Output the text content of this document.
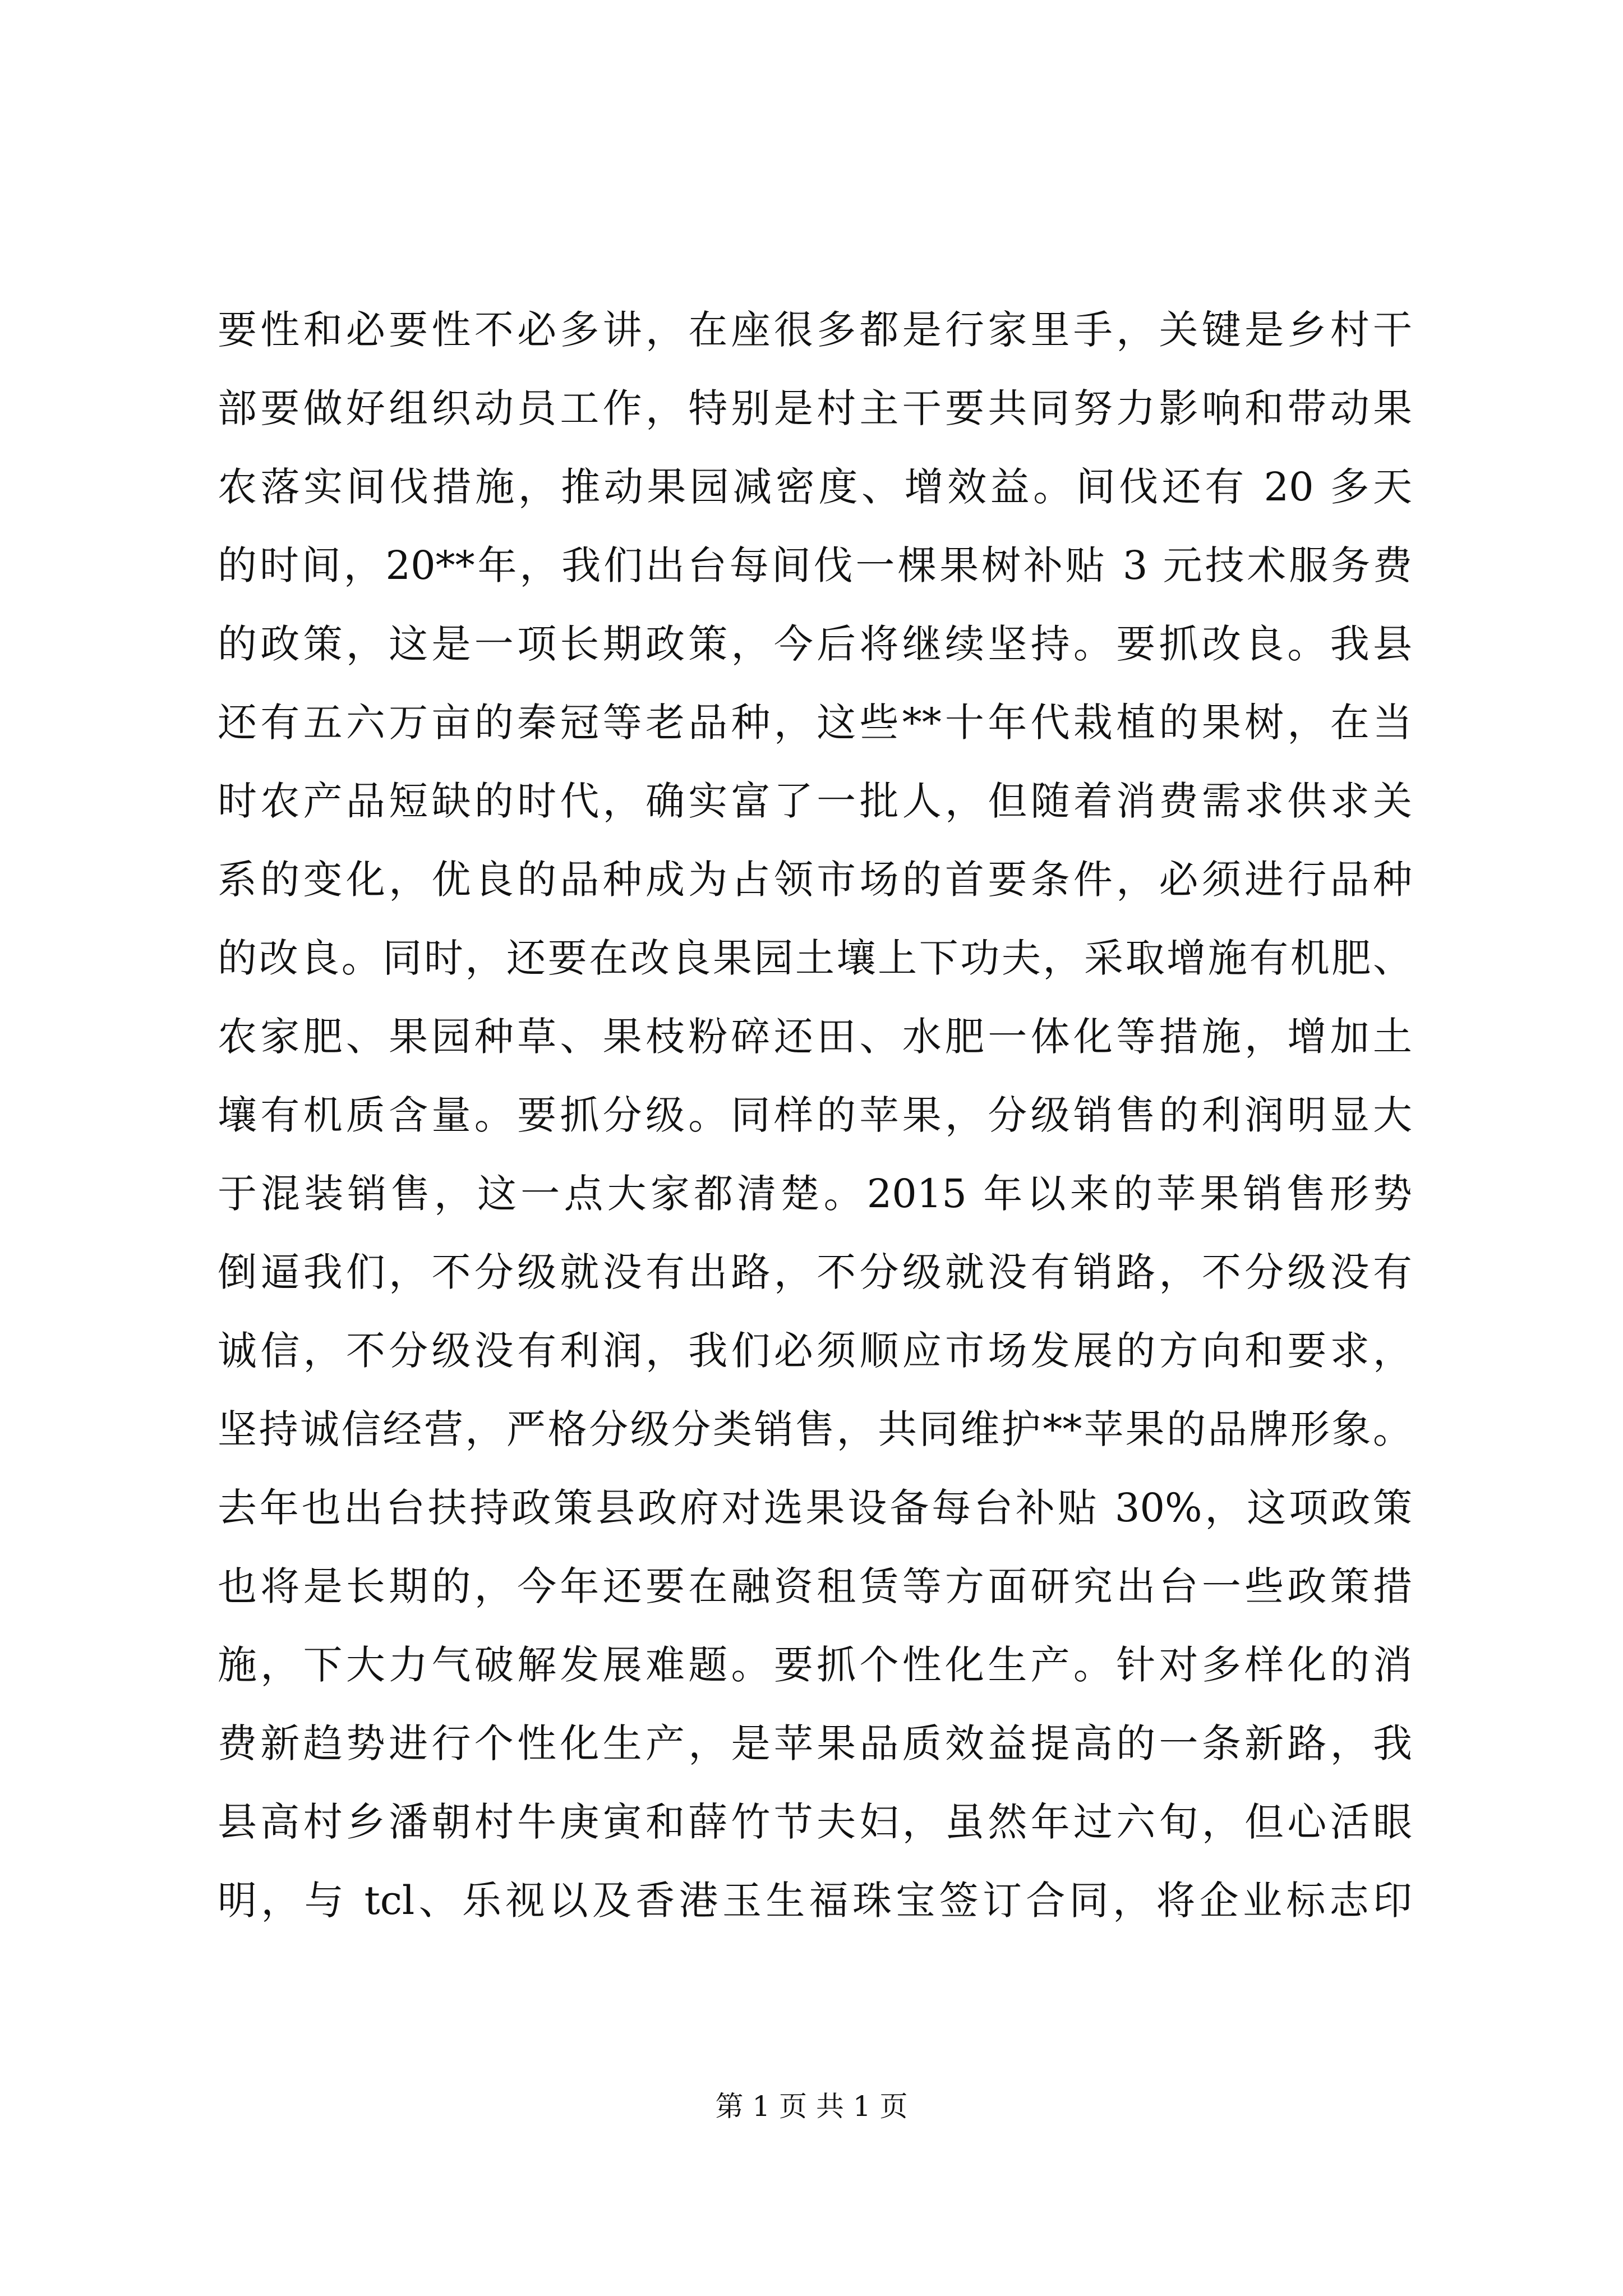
要性和必要性不必多讲，在座很多都是行家里手，关键是乡村干
部要做好组织动员工作，特别是村主干要共同努力影响和带动果
农落实间伐措施，推动果园减密度、增效益。间伐还有 20 多天
的时间，20**年，我们出台每间伐一棵果树补贴 3 元技术服务费
的政策，这是一项长期政策，今后将继续坚持。要抓改良。我县
还有五六万亩的秦冠等老品种，这些**十年代栽植的果树，在当
时农产品短缺的时代，确实富了一批人，但随着消费需求供求关
系的变化，优良的品种成为占领市场的首要条件，必须进行品种
的改良。同时，还要在改良果园土壤上下功夫，采取增施有机肥、
农家肥、果园种草、果枝粉碎还田、水肥一体化等措施，增加土
壤有机质含量。要抓分级。同样的苹果，分级销售的利润明显大
于混装销售，这一点大家都清楚。2015 年以来的苹果销售形势
倒逼我们，不分级就没有出路，不分级就没有销路，不分级没有
诚信，不分级没有利润，我们必须顺应市场发展的方向和要求，
坚持诚信经营，严格分级分类销售，共同维护**苹果的品牌形象。
去年也出台扶持政策县政府对选果设备每台补贴 30%，这项政策
也将是长期的，今年还要在融资租赁等方面研究出台一些政策措
施，下大力气破解发展难题。要抓个性化生产。针对多样化的消
费新趋势进行个性化生产，是苹果品质效益提高的一条新路，我
县高村乡潘朝村牛庚寅和薛竹节夫妇，虽然年过六旬，但心活眼
明，与 tcl、乐视以及香港玉生福珠宝签订合同，将企业标志印
第 1 页 共 1 页
